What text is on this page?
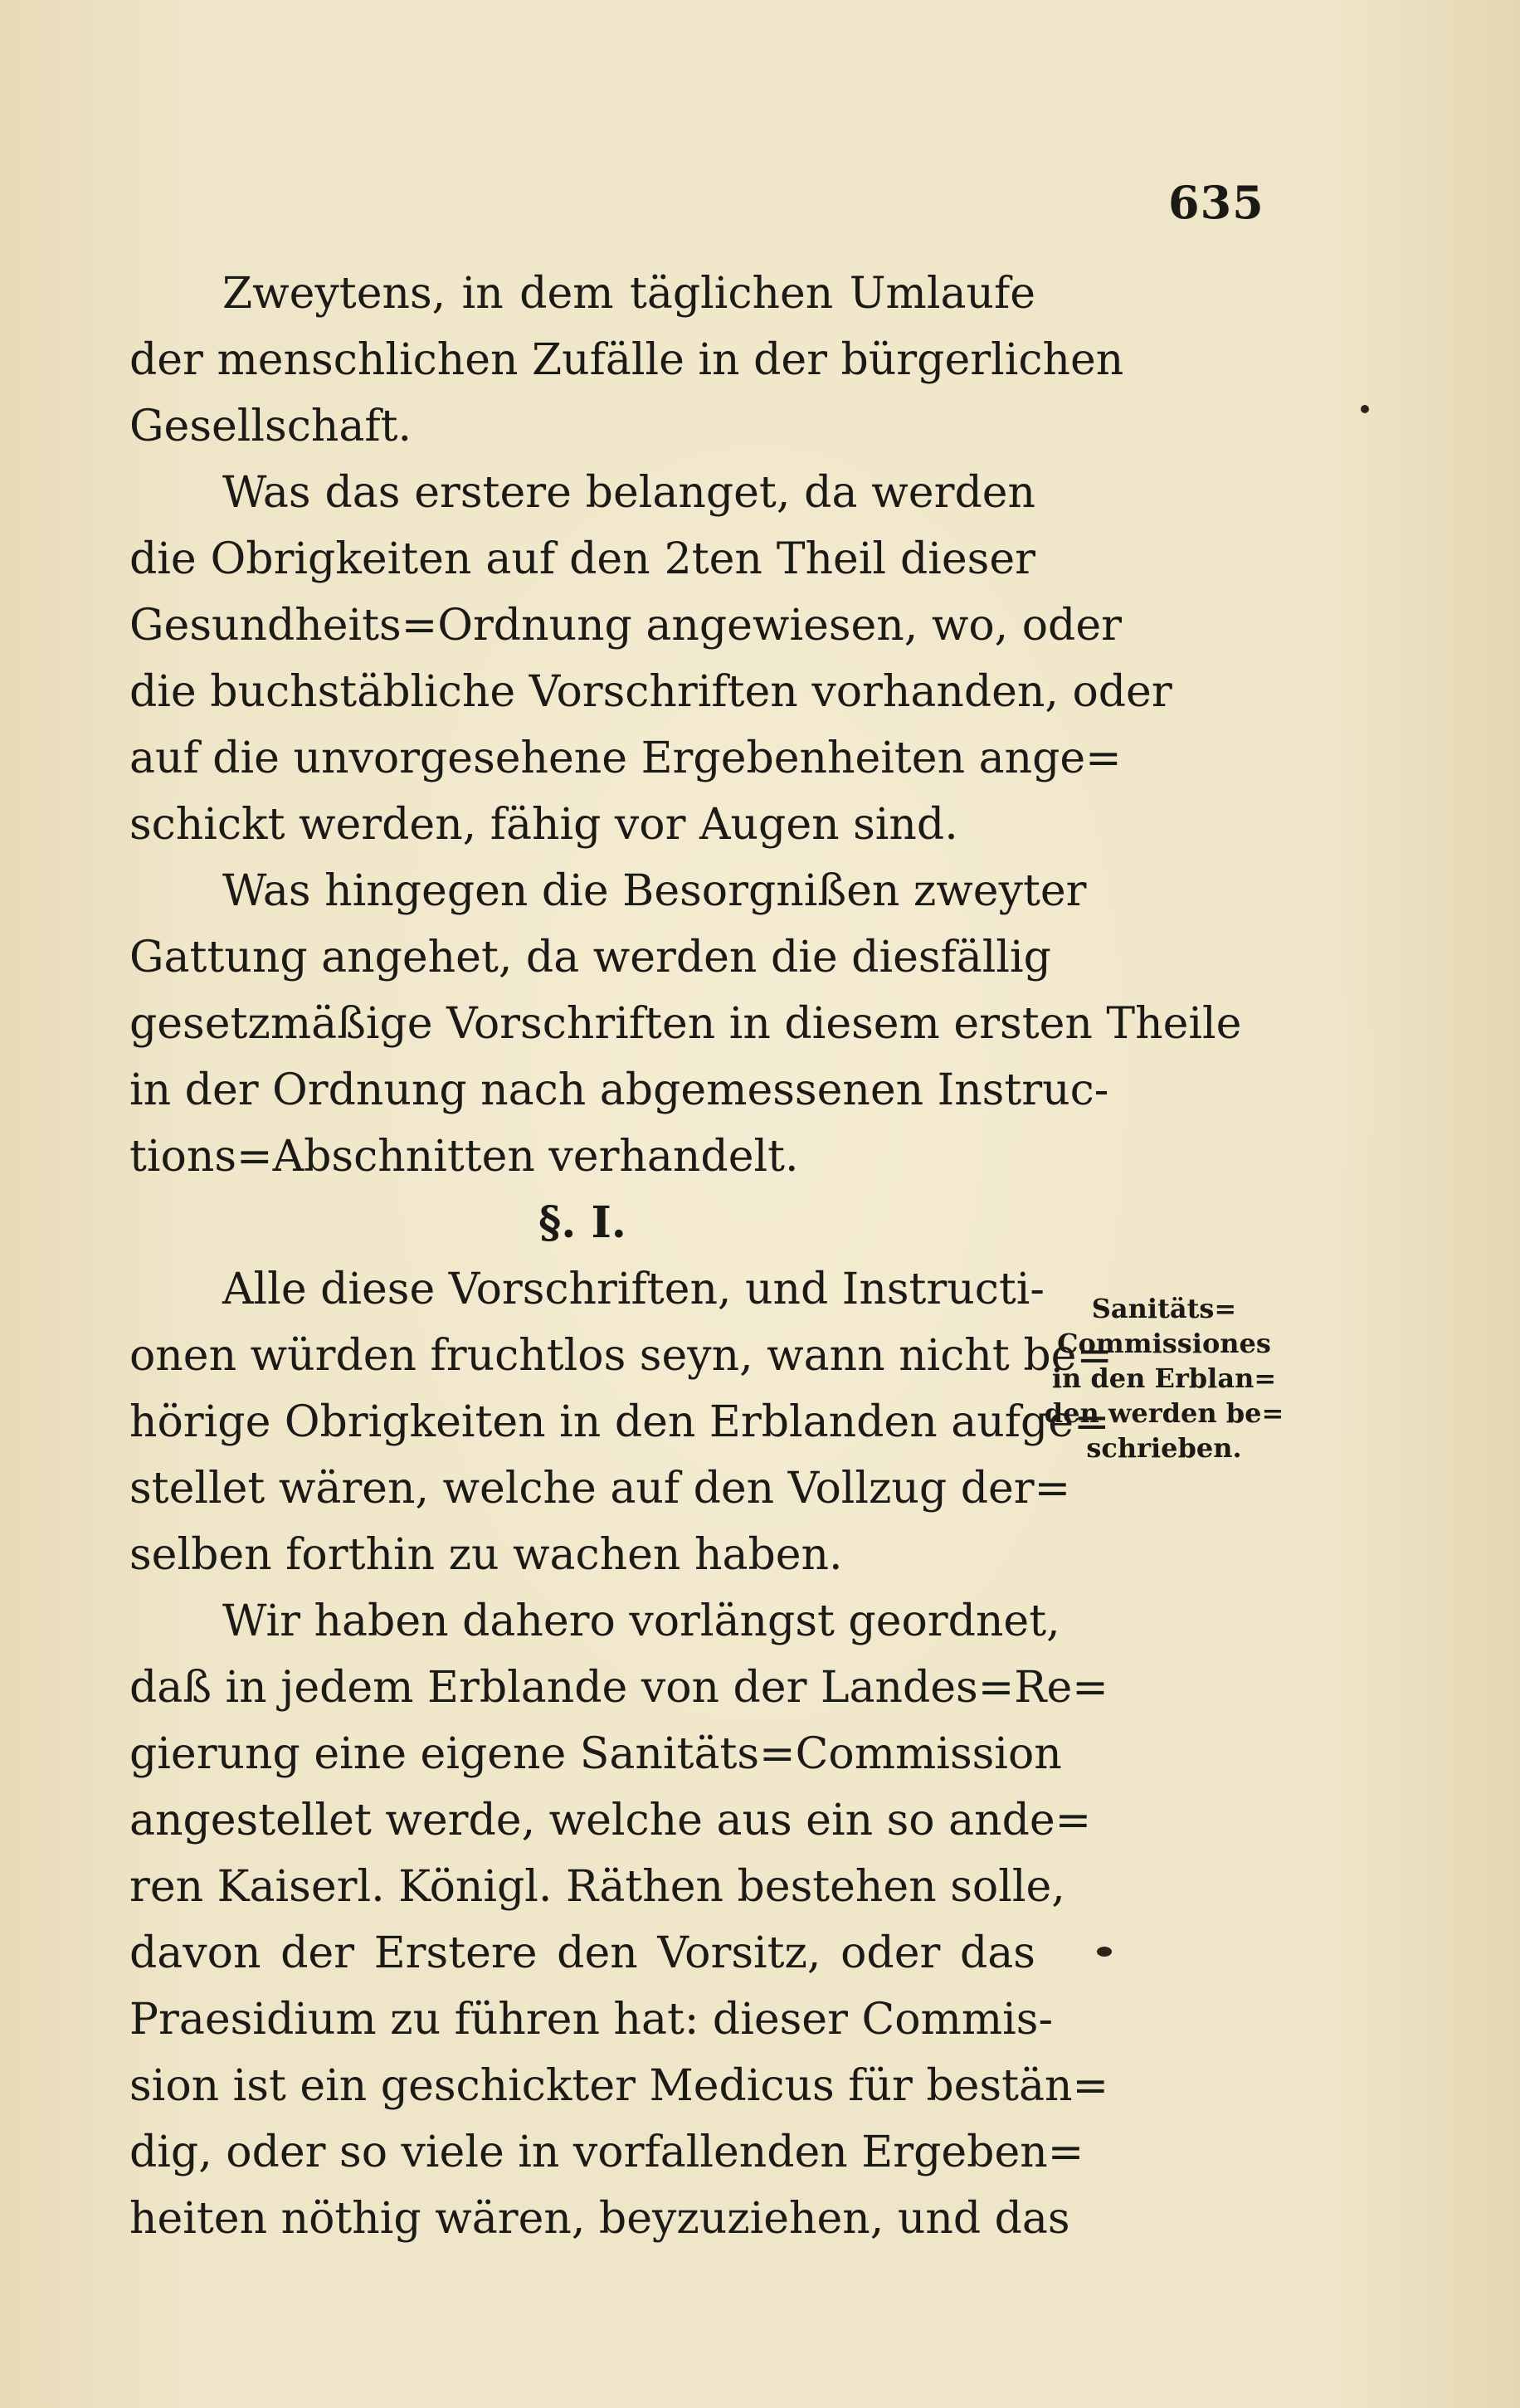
635
Zweytens, in dem täglichen Umlaufe
der menschlichen Zufälle in der bürgerlichen
Gesellschaft.
Was das erstere belanget, da werden
die Obrigkeiten auf den 2ten Theil dieser
Gesundheits=Ordnung angewiesen, wo, oder
die buchstäbliche Vorschriften vorhanden, oder
auf die unvorgesehene Ergebenheiten ange=
schickt werden, fähig vor Augen sind.
Was hingegen die Besorgnißen zweyter
Gattung angehet, da werden die diesfällig
gesetzmäßige Vorschriften in diesem ersten Theile
in der Ordnung nach abgemessenen Instruc-
tions=Abschnitten verhandelt.
§. I.
Alle diese Vorschriften, und Instructi-
onen würden fruchtlos seyn, wann nicht be=
hörige Obrigkeiten in den Erblanden aufge=
stellet wären, welche auf den Vollzug der=
selben forthin zu wachen haben.
Wir haben dahero vorlängst geordnet,
daß in jedem Erblande von der Landes=Re=
gierung eine eigene Sanitäts=Commission
angestellet werde, welche aus ein so ande=
ren Kaiserl. Königl. Räthen bestehen solle,
davon der Erstere den Vorsitz, oder das
Praesidium zu führen hat: dieser Commis-
sion ist ein geschickter Medicus für bestän=
dig, oder so viele in vorfallenden Ergeben=
heiten nöthig wären, beyzuziehen, und das
Sanitäts=
Commissiones
in den Erblan=
den werden be=
schrieben.
